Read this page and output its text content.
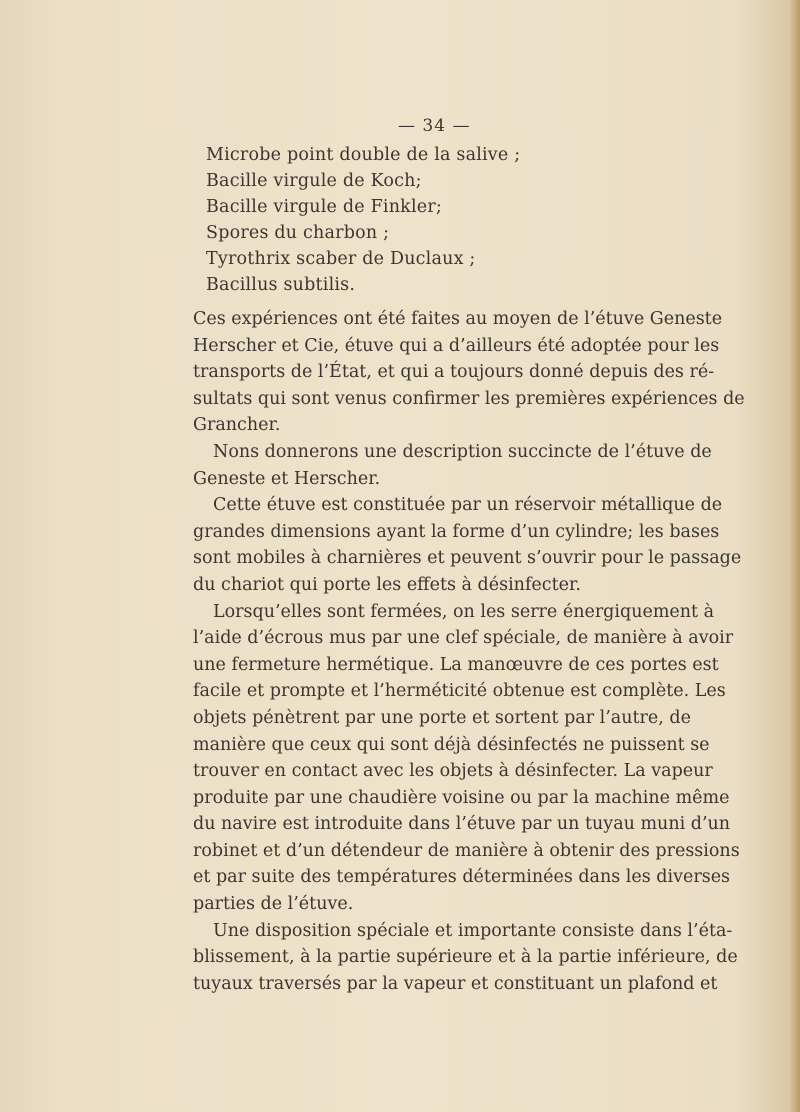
— 34 —
Microbe point double de la salive ;
Bacille virgule de Koch;
Bacille virgule de Finkler;
Spores du charbon ;
Tyrothrix scaber de Duclaux ;
Bacillus subtilis.
Ces expériences ont été faites au moyen de l’étuve Geneste
Herscher et Cie, étuve qui a d’ailleurs été adoptée pour les
transports de l’État, et qui a toujours donné depuis des ré-
sultats qui sont venus confirmer les premières expériences de
Grancher.
Nons donnerons une description succincte de l’étuve de
Geneste et Herscher.
Cette étuve est constituée par un réservoir métallique de
grandes dimensions ayant la forme d’un cylindre; les bases
sont mobiles à charnières et peuvent s’ouvrir pour le passage
du chariot qui porte les effets à désinfecter.
Lorsqu’elles sont fermées, on les serre énergiquement à
l’aide d’écrous mus par une clef spéciale, de manière à avoir
une fermeture hermétique. La manœuvre de ces portes est
facile et prompte et l’herméticité obtenue est complète. Les
objets pénètrent par une porte et sortent par l’autre, de
manière que ceux qui sont déjà désinfectés ne puissent se
trouver en contact avec les objets à désinfecter. La vapeur
produite par une chaudière voisine ou par la machine même
du navire est introduite dans l’étuve par un tuyau muni d’un
robinet et d’un détendeur de manière à obtenir des pressions
et par suite des températures déterminées dans les diverses
parties de l’étuve.
Une disposition spéciale et importante consiste dans l’éta-
blissement, à la partie supérieure et à la partie inférieure, de
tuyaux traversés par la vapeur et constituant un plafond et
